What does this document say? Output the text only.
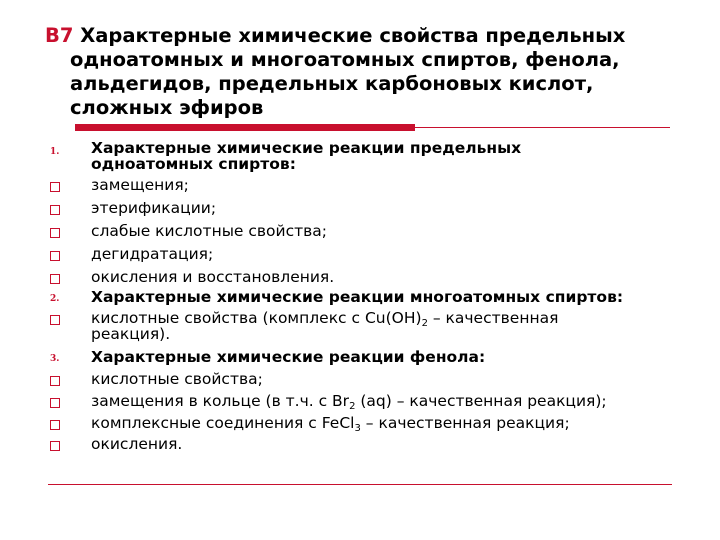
B7 Характерные химические свойства предельных
одноатомных и многоатомных спиртов, фенола,
альдегидов, предельных карбоновых кислот,
сложных эфиров
1. Характерные химические реакции предельных
одноатомных спиртов:
замещения;
этерификации;
слабые кислотные свойства;
дегидратация;
окисления и восстановления.
2. Характерные химические реакции многоатомных спиртов:
кислотные свойства (комплекс с $Cu(OH)_2$ – качественная
реакция).
3. Характерные химические реакции фенола:
кислотные свойства;
замещения в кольце (в т.ч. с $Br_2$ (aq) – качественная реакция);
комплексные соединения с FeCl$_3$ – качественная реакция;
окисления.
